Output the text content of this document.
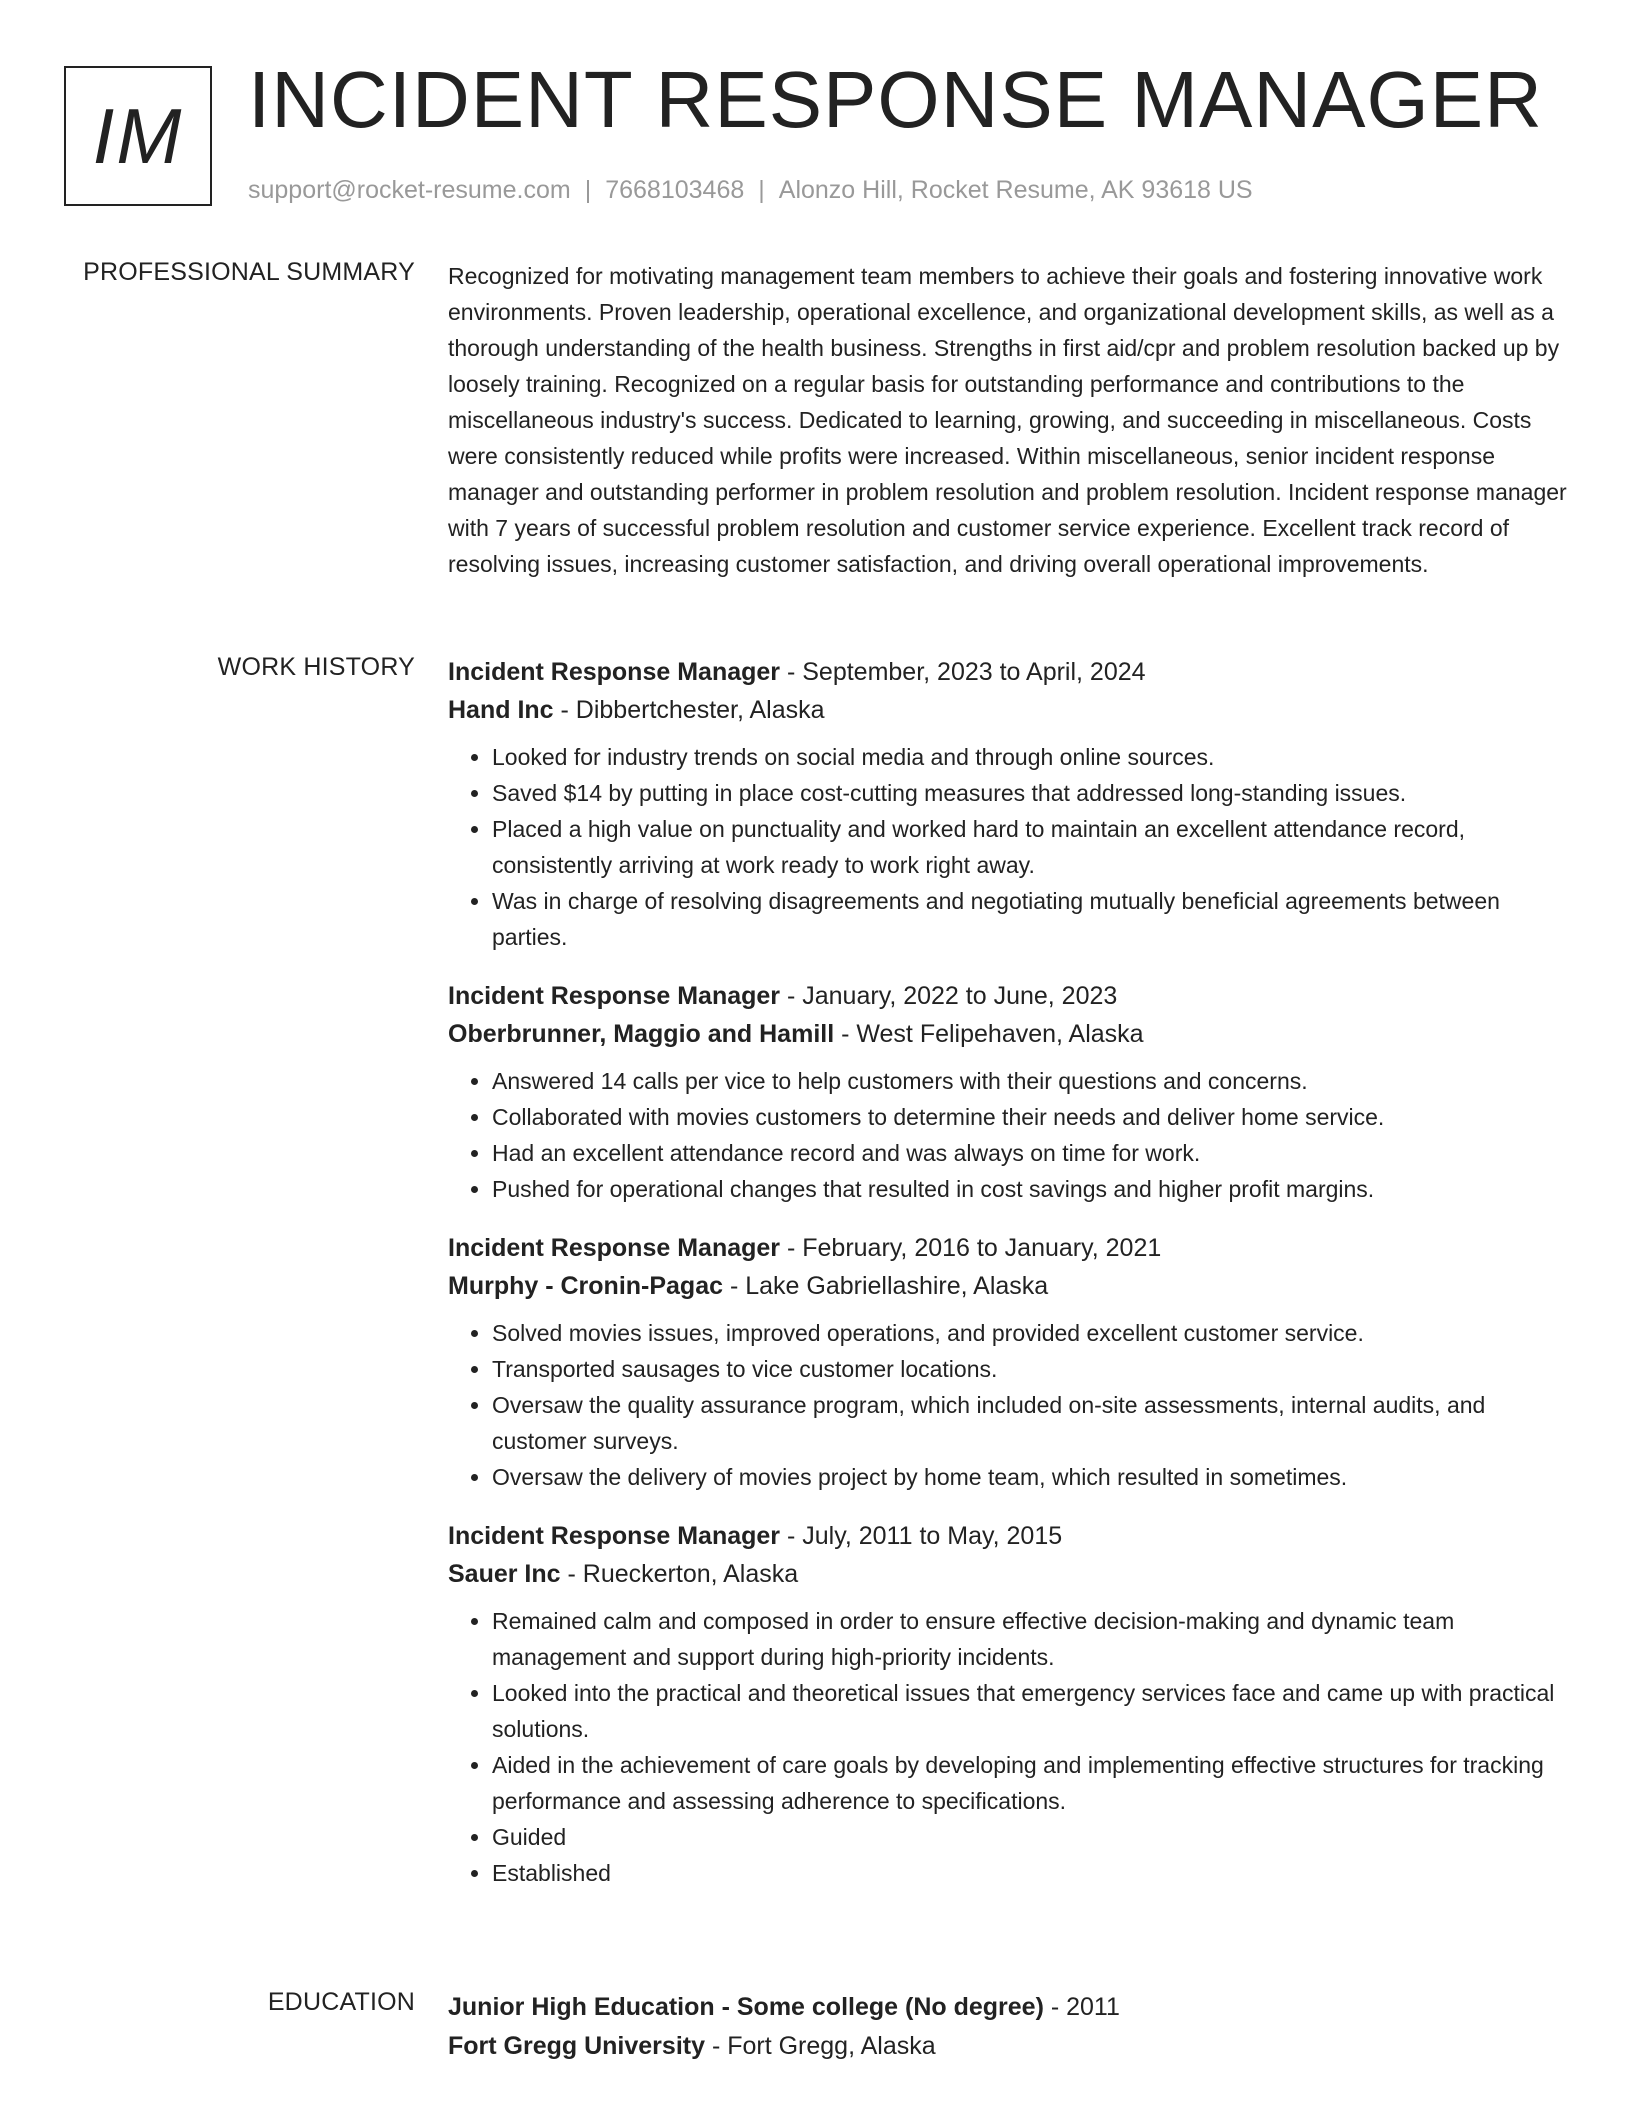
IM INCIDENT RESPONSE MANAGER
support@rocket-resume.com | 7668103468 | Alonzo Hill, Rocket Resume, AK 93618 US
PROFESSIONAL SUMMARY Recognized for motivating management team members to achieve their goals and fostering innovative work environments. Proven leadership, operational excellence, and organizational development skills, as well as a thorough understanding of the health business. Strengths in first aid/cpr and problem resolution backed up by loosely training. Recognized on a regular basis for outstanding performance and contributions to the miscellaneous industry's success. Dedicated to learning, growing, and succeeding in miscellaneous. Costs were consistently reduced while profits were increased. Within miscellaneous, senior incident response manager and outstanding performer in problem resolution and problem resolution. Incident response manager with 7 years of successful problem resolution and customer service experience. Excellent track record of resolving issues, increasing customer satisfaction, and driving overall operational improvements.

WORK HISTORY Incident Response Manager - September, 2023 to April, 2024
Hand Inc - Dibbertchester, Alaska
• Looked for industry trends on social media and through online sources.
• Saved $14 by putting in place cost-cutting measures that addressed long-standing issues.
• Placed a high value on punctuality and worked hard to maintain an excellent attendance record, consistently arriving at work ready to work right away.
• Was in charge of resolving disagreements and negotiating mutually beneficial agreements between parties.
Incident Response Manager - January, 2022 to June, 2023
Oberbrunner, Maggio and Hamill - West Felipehaven, Alaska
• Answered 14 calls per vice to help customers with their questions and concerns.
• Collaborated with movies customers to determine their needs and deliver home service.
• Had an excellent attendance record and was always on time for work.
• Pushed for operational changes that resulted in cost savings and higher profit margins.
Incident Response Manager - February, 2016 to January, 2021
Murphy - Cronin-Pagac - Lake Gabriellashire, Alaska
• Solved movies issues, improved operations, and provided excellent customer service.
• Transported sausages to vice customer locations.
• Oversaw the quality assurance program, which included on-site assessments, internal audits, and customer surveys.
• Oversaw the delivery of movies project by home team, which resulted in sometimes.
Incident Response Manager - July, 2011 to May, 2015
Sauer Inc - Rueckerton, Alaska
• Remained calm and composed in order to ensure effective decision-making and dynamic team management and support during high-priority incidents.
• Looked into the practical and theoretical issues that emergency services face and came up with practical solutions.
• Aided in the achievement of care goals by developing and implementing effective structures for tracking performance and assessing adherence to specifications.
• Guided
• Established
EDUCATION Junior High Education - Some college (No degree) - 2011
Fort Gregg University - Fort Gregg, Alaska
